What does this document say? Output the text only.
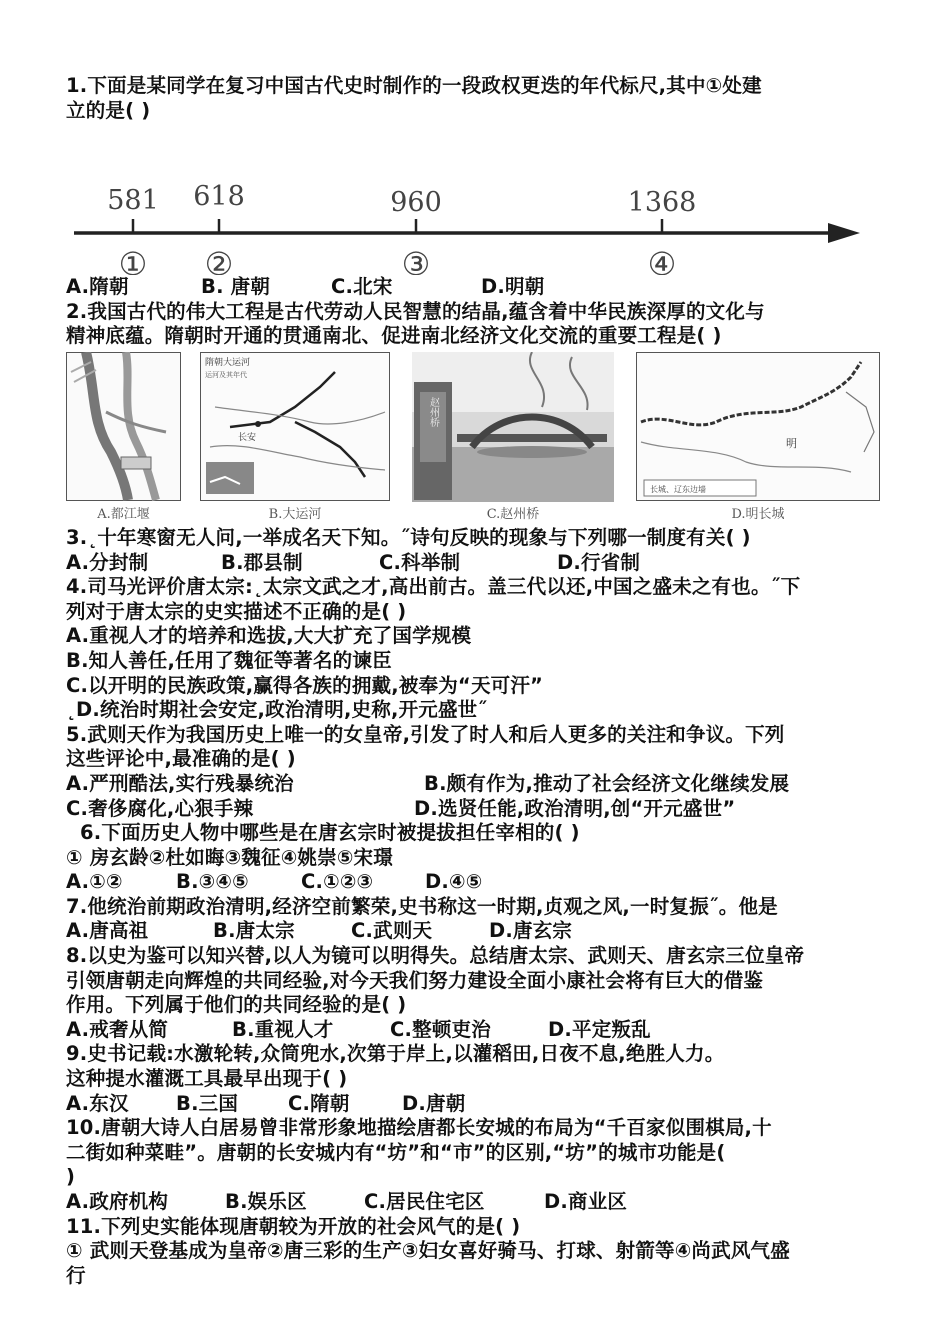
1.下面是某同学在复习中国古代史时制作的一段政权更迭的年代标尺,其中①处建
立的是( )
581 618	960	1368
① ②	③	④
A.隋朝	B. 唐朝	C.北宋	D.明朝
2.我国古代的伟大工程是古代劳动人民智慧的结晶,蕴含着中华民族深厚的文化与
精神底蕴。隋朝时开通的贯通南北、促进南北经济文化交流的重要工程是( )
A.都江堰
隋朝大运河
运河及其年代
长安
B.大运河
赵州桥
C.赵州桥
明
长城、辽东边墙
D.明长城
3.˛十年寒窗无人问,一举成名天下知。˝诗句反映的现象与下列哪一制度有关( )
A.分封制	B.郡县制	C.科举制	D.行省制
4.司马光评价唐太宗:˛太宗文武之才,高出前古。盖三代以还,中国之盛未之有也。˝下
列对于唐太宗的史实描述不正确的是( )
A.重视人才的培养和选拔,大大扩充了国学规模
B.知人善任,任用了魏征等著名的谏臣
C.以开明的民族政策,赢得各族的拥戴,被奉为“天可汗”
˛D.统治时期社会安定,政治清明,史称,开元盛世˝
5.武则天作为我国历史上唯一的女皇帝,引发了时人和后人更多的关注和争议。下列
这些评论中,最准确的是( )
A.严刑酷法,实行残暴统治	B.颇有作为,推动了社会经济文化继续发展
C.奢侈腐化,心狠手辣	D.选贤任能,政治清明,创“开元盛世”
6.下面历史人物中哪些是在唐玄宗时被提拔担任宰相的( )
① 房玄龄②杜如晦③魏征④姚崇⑤宋璟
A.①②	B.③④⑤	C.①②③	D.④⑤
7.他统治前期政治清明,经济空前繁荣,史书称这一时期,贞观之风,一时复振˝。他是
A.唐高祖	B.唐太宗	C.武则天	D.唐玄宗
8.以史为鉴可以知兴替,以人为镜可以明得失。总结唐太宗、武则天、唐玄宗三位皇帝
引领唐朝走向辉煌的共同经验,对今天我们努力建设全面小康社会将有巨大的借鉴
作用。下列属于他们的共同经验的是( )
A.戒奢从简	B.重视人才	C.整顿吏治	D.平定叛乱
9.史书记载:水激轮转,众筒兜水,次第于岸上,以灌稻田,日夜不息,绝胜人力。
这种提水灌溉工具最早出现于( )
A.东汉	B.三国	C.隋朝	D.唐朝
10.唐朝大诗人白居易曾非常形象地描绘唐都长安城的布局为“千百家似围棋局,十
二街如种菜畦”。唐朝的长安城内有“坊”和“市”的区别,“坊”的城市功能是(
)
A.政府机构	B.娱乐区	C.居民住宅区	D.商业区
11.下列史实能体现唐朝较为开放的社会风气的是( )
① 武则天登基成为皇帝②唐三彩的生产③妇女喜好骑马、打球、射箭等④尚武风气盛
行
